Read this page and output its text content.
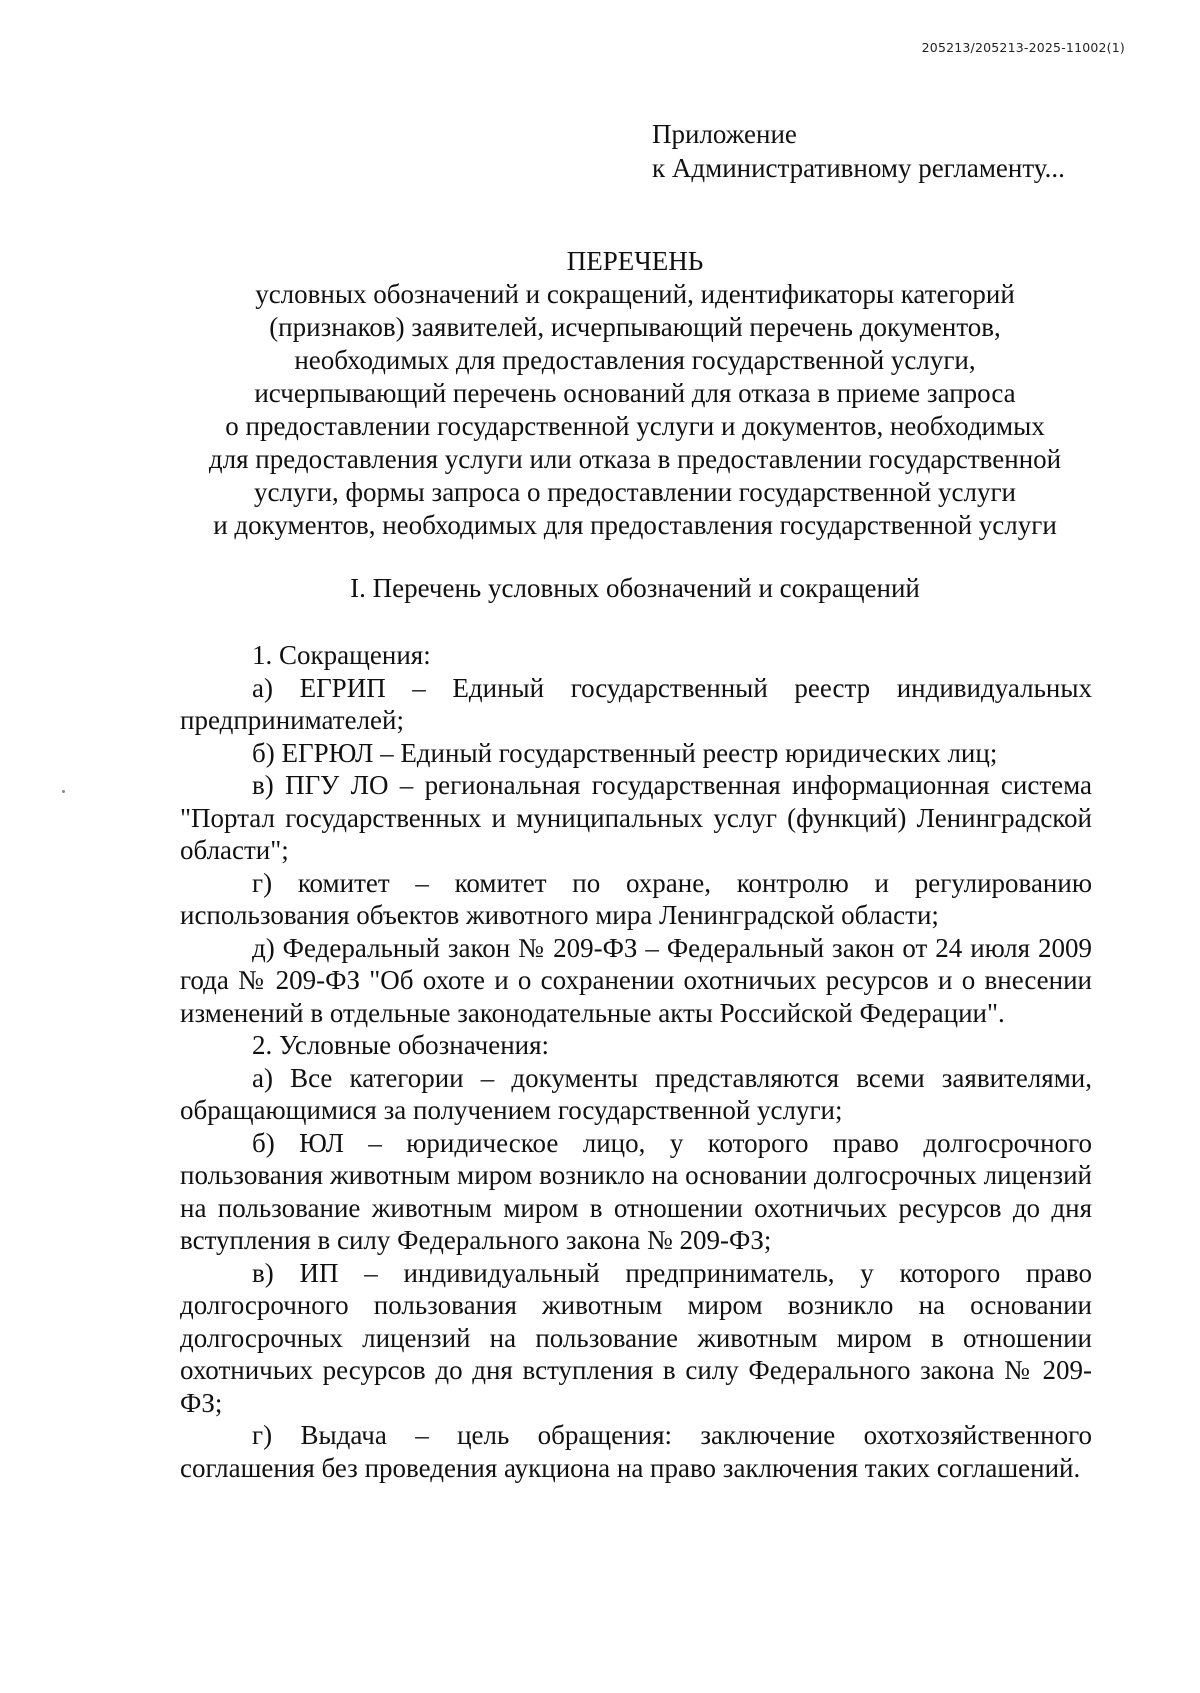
205213/205213-2025-11002(1)
Приложение
к Административному регламенту...
ПЕРЕЧЕНЬ
условных обозначений и сокращений, идентификаторы категорий
(признаков) заявителей, исчерпывающий перечень документов,
необходимых для предоставления государственной услуги,
исчерпывающий перечень оснований для отказа в приеме запроса
о предоставлении государственной услуги и документов, необходимых
для предоставления услуги или отказа в предоставлении государственной
услуги, формы запроса о предоставлении государственной услуги
и документов, необходимых для предоставления государственной услуги
I. Перечень условных обозначений и сокращений

1. Сокращения:

а) ЕГРИП – Единый государственный реестр индивидуальных предпринимателей;

б) ЕГРЮЛ – Единый государственный реестр юридических лиц;

в) ПГУ ЛО – региональная государственная информационная система "Портал государственных и муниципальных услуг (функций) Ленинградской области";

г) комитет – комитет по охране, контролю и регулированию использования объектов животного мира Ленинградской области;

д) Федеральный закон № 209-ФЗ – Федеральный закон от 24 июля 2009 года № 209-ФЗ "Об охоте и о сохранении охотничьих ресурсов и о внесении изменений в отдельные законодательные акты Российской Федерации".

2. Условные обозначения:

а) Все категории – документы представляются всеми заявителями, обращающимися за получением государственной услуги;

б) ЮЛ – юридическое лицо, у которого право долгосрочного пользования животным миром возникло на основании долгосрочных лицензий на пользование животным миром в отношении охотничьих ресурсов до дня вступления в силу Федерального закона № 209-ФЗ;

в) ИП – индивидуальный предприниматель, у которого право долгосрочного пользования животным миром возникло на основании долгосрочных лицензий на пользование животным миром в отношении охотничьих ресурсов до дня вступления в силу Федерального закона № 209-ФЗ;

г) Выдача – цель обращения: заключение охотхозяйственного соглашения без проведения аукциона на право заключения таких соглашений.
